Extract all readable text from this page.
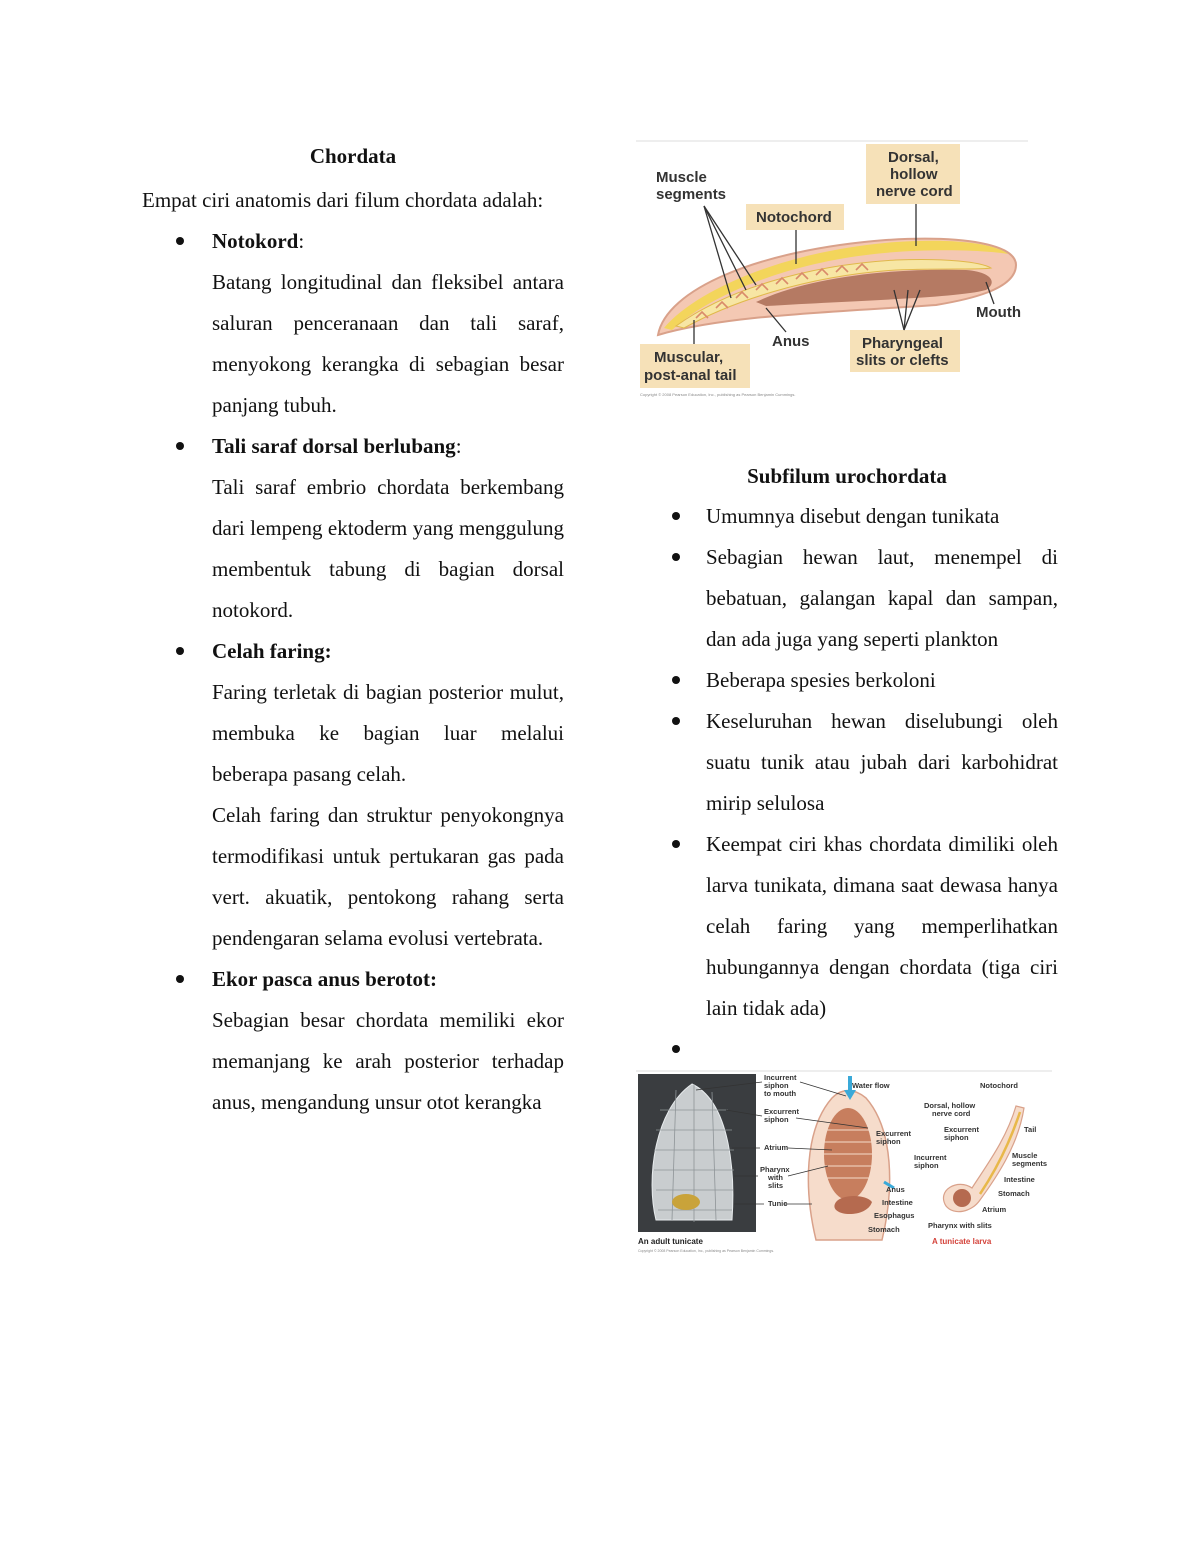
Chordata

Empat ciri anatomis dari filum chordata adalah:

Notokord:

Batang longitudinal dan fleksibel antara saluran penceranaan dan tali saraf, menyokong kerangka di sebagian besar panjang tubuh.

Tali saraf dorsal berlubang:

Tali saraf embrio chordata berkembang dari lempeng ektoderm yang menggulung membentuk tabung di bagian dorsal notokord.

Celah faring:

Faring terletak di bagian posterior mulut, membuka ke bagian luar melalui beberapa pasang celah.

Celah faring dan struktur penyokongnya termodifikasi untuk pertukaran gas pada vert. akuatik, pentokong rahang serta pendengaran selama evolusi vertebrata.

Ekor pasca anus berotot:

Sebagian besar chordata memiliki ekor memanjang ke arah posterior terhadap anus, mengandung unsur otot kerangka

Muscle
segments
Notochord
Dorsal,
hollow
nerve cord
Mouth
Anus	Pharyngeal
slits or clefts
Muscular,
post-anal tail
Copyright © 2008 Pearson Education, Inc., publishing as Pearson Benjamin Cummings.
Subfilum urochordata
Umumnya disebut dengan tunikata
Sebagian hewan laut, menempel di bebatuan, galangan kapal dan sampan, dan ada juga yang seperti plankton
Beberapa spesies berkoloni
Keseluruhan hewan diselubungi oleh suatu tunik atau jubah dari karbohidrat mirip selulosa
Keempat ciri khas chordata dimiliki oleh larva tunikata, dimana saat dewasa hanya celah faring yang memperlihatkan hubungannya dengan chordata (tiga ciri lain tidak ada)
Incurrent
siphon
to mouth
Excurrent
siphon
Atrium
Pharynx
with
slits
Tunic
Water flow
Excurrent
siphon
Anus
Intestine
Esophagus
Stomach
Notochord
Dorsal, hollow
nerve cord
Excurrent
siphon
Incurrent
siphon
Tail
Muscle
segments
Intestine
Stomach
Atrium
Pharynx with slits
An adult tunicate	A tunicate larva
Copyright © 2008 Pearson Education, Inc., publishing as Pearson Benjamin Cummings.
